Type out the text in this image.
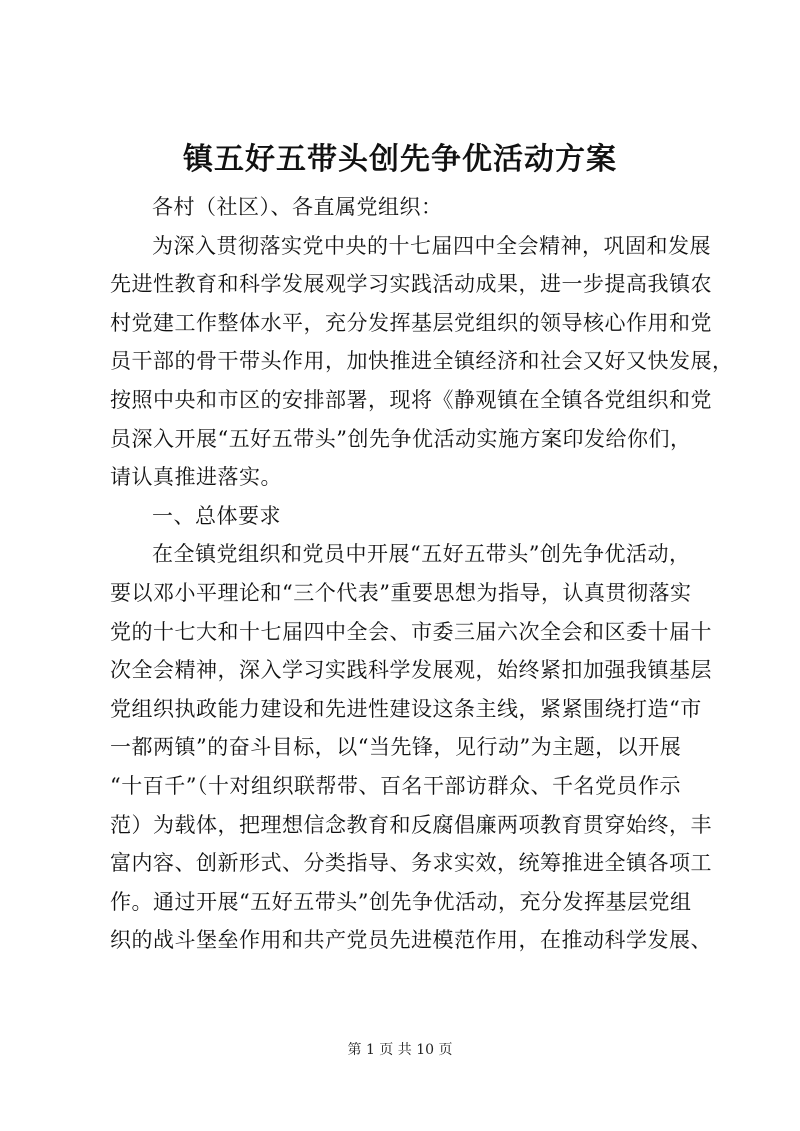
镇五好五带头创先争优活动方案
各村（社区）、各直属党组织：
为深入贯彻落实党中央的十七届四中全会精神，巩固和发展
先进性教育和科学发展观学习实践活动成果，进一步提高我镇农
村党建工作整体水平，充分发挥基层党组织的领导核心作用和党
员干部的骨干带头作用，加快推进全镇经济和社会又好又快发展，
按照中央和市区的安排部署，现将《静观镇在全镇各党组织和党
员深入开展“五好五带头”创先争优活动实施方案印发给你们，
请认真推进落实。
一、总体要求
在全镇党组织和党员中开展“五好五带头”创先争优活动，
要以邓小平理论和“三个代表”重要思想为指导，认真贯彻落实
党的十七大和十七届四中全会、市委三届六次全会和区委十届十
次全会精神，深入学习实践科学发展观，始终紧扣加强我镇基层
党组织执政能力建设和先进性建设这条主线，紧紧围绕打造“市
一都两镇”的奋斗目标，以“当先锋，见行动”为主题，以开展
“十百千”（十对组织联帮带、百名干部访群众、千名党员作示
范）为载体，把理想信念教育和反腐倡廉两项教育贯穿始终，丰
富内容、创新形式、分类指导、务求实效，统筹推进全镇各项工
作。通过开展“五好五带头”创先争优活动，充分发挥基层党组
织的战斗堡垒作用和共产党员先进模范作用，在推动科学发展、
第 1 页 共 10 页
